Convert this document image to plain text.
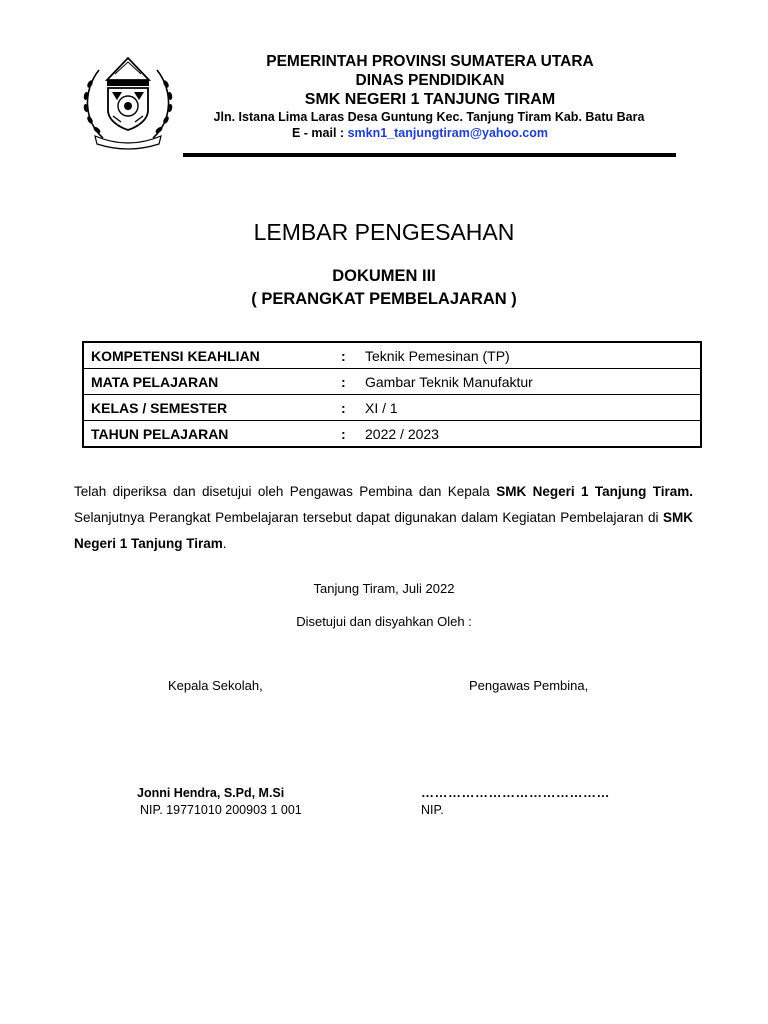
PEMERINTAH PROVINSI SUMATERA UTARA
DINAS PENDIDIKAN
SMK NEGERI 1 TANJUNG TIRAM
Jln. Istana Lima Laras Desa Guntung Kec. Tanjung Tiram Kab. Batu Bara
E - mail : smkn1_tanjungtiram@yahoo.com
LEMBAR PENGESAHAN
DOKUMEN III
( PERANGKAT PEMBELAJARAN )
KOMPETENSI KEAHLIAN	:	Teknik Pemesinan (TP)
MATA PELAJARAN	:	Gambar Teknik Manufaktur
KELAS / SEMESTER	:	XI / 1
TAHUN PELAJARAN	:	2022 / 2023
Telah diperiksa dan disetujui oleh Pengawas Pembina dan Kepala SMK Negeri 1 Tanjung Tiram. Selanjutnya Perangkat Pembelajaran tersebut dapat digunakan dalam Kegiatan Pembelajaran di SMK Negeri 1 Tanjung Tiram.
Tanjung Tiram, Juli 2022
Disetujui dan disyahkan Oleh :
Kepala Sekolah,	Pengawas Pembina,
Jonni Hendra, S.Pd, M.Si
NIP. 19771010 200903 1 001
……………………………………
NIP.
